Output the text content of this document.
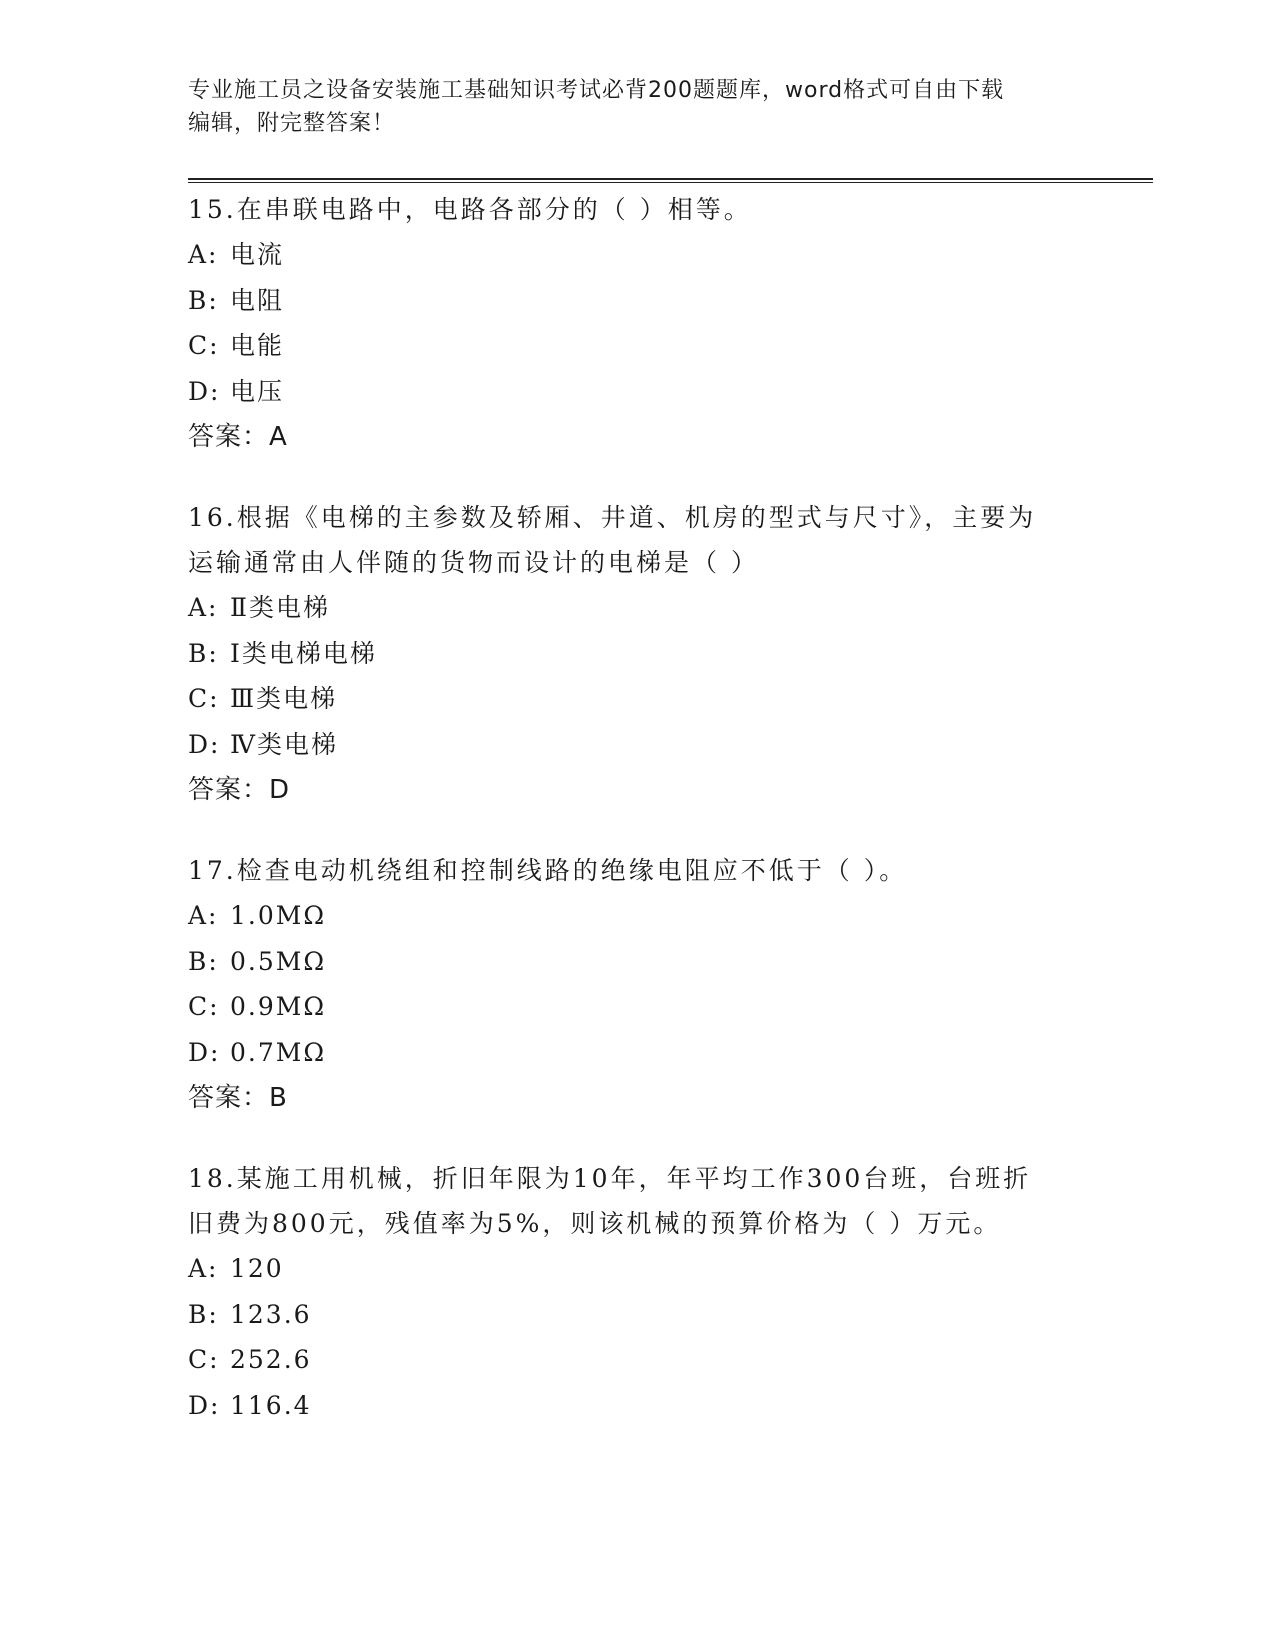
专业施工员之设备安装施工基础知识考试必背200题题库，word格式可自由下载
编辑，附完整答案！

15.在串联电路中，电路各部分的（ ）相等。

A: 电流

B: 电阻

C: 电能

D: 电压

答案：A

16.根据《电梯的主参数及轿厢、井道、机房的型式与尺寸》，主要为

运输通常由人伴随的货物而设计的电梯是（ ）

A: Ⅱ类电梯

B: Ⅰ类电梯电梯

C: Ⅲ类电梯

D: Ⅳ类电梯

答案：D

17.检查电动机绕组和控制线路的绝缘电阻应不低于（ ）。

A: 1.0MΩ

B: 0.5MΩ

C: 0.9MΩ

D: 0.7MΩ

答案：B

18.某施工用机械，折旧年限为10年，年平均工作300台班，台班折

旧费为800元，残值率为5%，则该机械的预算价格为（ ）万元。

A: 120

B: 123.6

C: 252.6

D: 116.4
